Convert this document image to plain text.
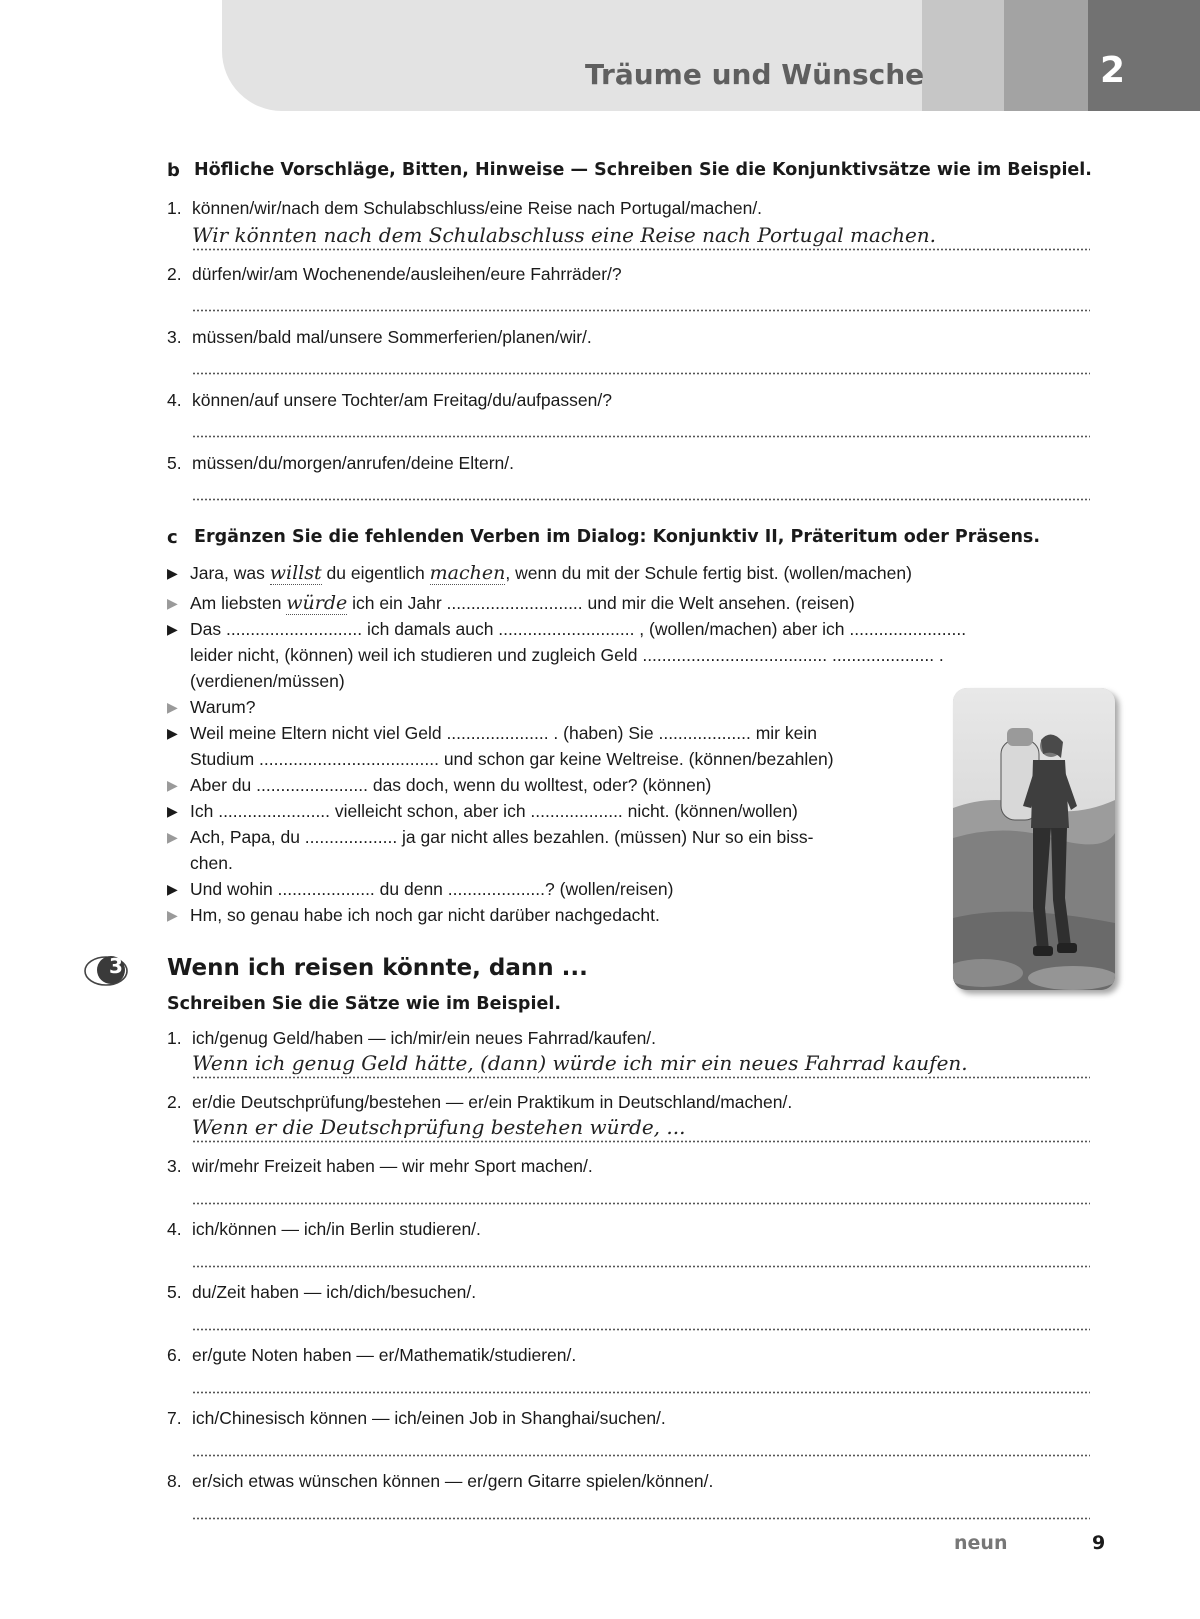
Träume und Wünsche	2
b Höfliche Vorschläge, Bitten, Hinweise — Schreiben Sie die Konjunktivsätze wie im Beispiel.
1. können/wir/nach dem Schulabschluss/eine Reise nach Portugal/machen/.
Wir könnten nach dem Schulabschluss eine Reise nach Portugal machen.
2. dürfen/wir/am Wochenende/ausleihen/eure Fahrräder/?
3. müssen/bald mal/unsere Sommerferien/planen/wir/.
4. können/auf unsere Tochter/am Freitag/du/aufpassen/?
5. müssen/du/morgen/anrufen/deine Eltern/.
c Ergänzen Sie die fehlenden Verben im Dialog: Konjunktiv II, Präteritum oder Präsens.
▶ Jara, was willst du eigentlich machen, wenn du mit der Schule fertig bist. (wollen/machen)
▶ Am liebsten würde ich ein Jahr ............................ und mir die Welt ansehen. (reisen)
▶ Das ............................ ich damals auch ............................ , (wollen/machen) aber ich ........................
leider nicht, (können) weil ich studieren und zugleich Geld ...................................... ..................... .
(verdienen/müssen)
▶ Warum?
▶ Weil meine Eltern nicht viel Geld ..................... . (haben) Sie ................... mir kein
Studium ..................................... und schon gar keine Weltreise. (können/bezahlen)
▶ Aber du ....................... das doch, wenn du wolltest, oder? (können)
▶ Ich ....................... vielleicht schon, aber ich ................... nicht. (können/wollen)
▶ Ach, Papa, du ................... ja gar nicht alles bezahlen. (müssen) Nur so ein biss-
chen.
▶ Und wohin .................... du denn ....................? (wollen/reisen)
▶ Hm, so genau habe ich noch gar nicht darüber nachgedacht.
3	Wenn ich reisen könnte, dann ...
Schreiben Sie die Sätze wie im Beispiel.
1. ich/genug Geld/haben — ich/mir/ein neues Fahrrad/kaufen/.
Wenn ich genug Geld hätte, (dann) würde ich mir ein neues Fahrrad kaufen.
2. er/die Deutschprüfung/bestehen — er/ein Praktikum in Deutschland/machen/.
Wenn er die Deutschprüfung bestehen würde, ...
3. wir/mehr Freizeit haben — wir mehr Sport machen/.
4. ich/können — ich/in Berlin studieren/.
5. du/Zeit haben — ich/dich/besuchen/.
6. er/gute Noten haben — er/Mathematik/studieren/.
7. ich/Chinesisch können — ich/einen Job in Shanghai/suchen/.
8. er/sich etwas wünschen können — er/gern Gitarre spielen/können/.
neun	9
